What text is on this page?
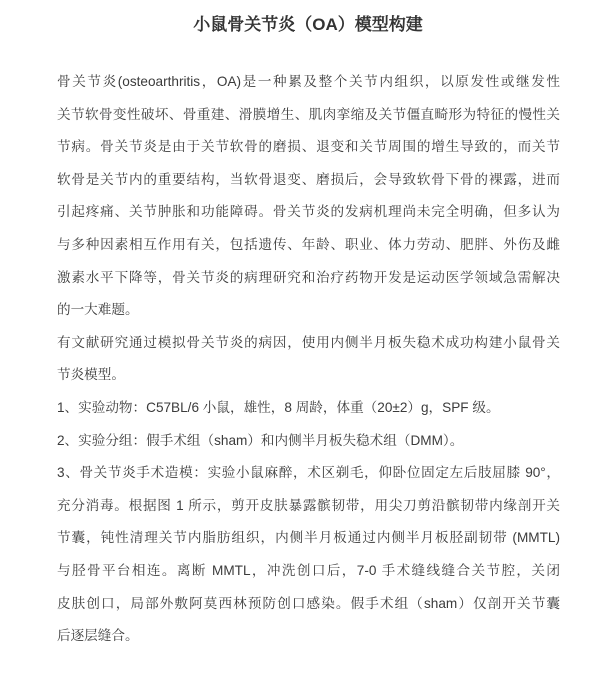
小鼠骨关节炎（OA）模型构建
骨关节炎(osteoarthritis，OA)是一种累及整个关节内组织，以原发性或继发性
关节软骨变性破坏、骨重建、滑膜增生、肌肉挛缩及关节僵直畸形为特征的慢性关
节病。骨关节炎是由于关节软骨的磨损、退变和关节周围的增生导致的，而关节
软骨是关节内的重要结构，当软骨退变、磨损后，会导致软骨下骨的裸露，进而
引起疼痛、关节肿胀和功能障碍。骨关节炎的发病机理尚未完全明确，但多认为
与多种因素相互作用有关，包括遗传、年龄、职业、体力劳动、肥胖、外伤及雌
激素水平下降等，骨关节炎的病理研究和治疗药物开发是运动医学领域急需解决
的一大难题。
有文献研究通过模拟骨关节炎的病因，使用内侧半月板失稳术成功构建小鼠骨关
节炎模型。
1、实验动物：C57BL/6 小鼠，雄性，8 周龄，体重（20±2）g，SPF 级。
2、实验分组：假手术组（sham）和内侧半月板失稳术组（DMM）。
3、骨关节炎手术造模：实验小鼠麻醉，术区剃毛，仰卧位固定左后肢屈膝 90°，
充分消毒。根据图 1 所示，剪开皮肤暴露髌韧带，用尖刀剪沿髌韧带内缘剖开关
节囊，钝性清理关节内脂肪组织，内侧半月板通过内侧半月板胫副韧带 (MMTL)
与胫骨平台相连。离断 MMTL，冲洗创口后，7-0 手术缝线缝合关节腔，关闭
皮肤创口，局部外敷阿莫西林预防创口感染。假手术组（sham）仅剖开关节囊
后逐层缝合。
